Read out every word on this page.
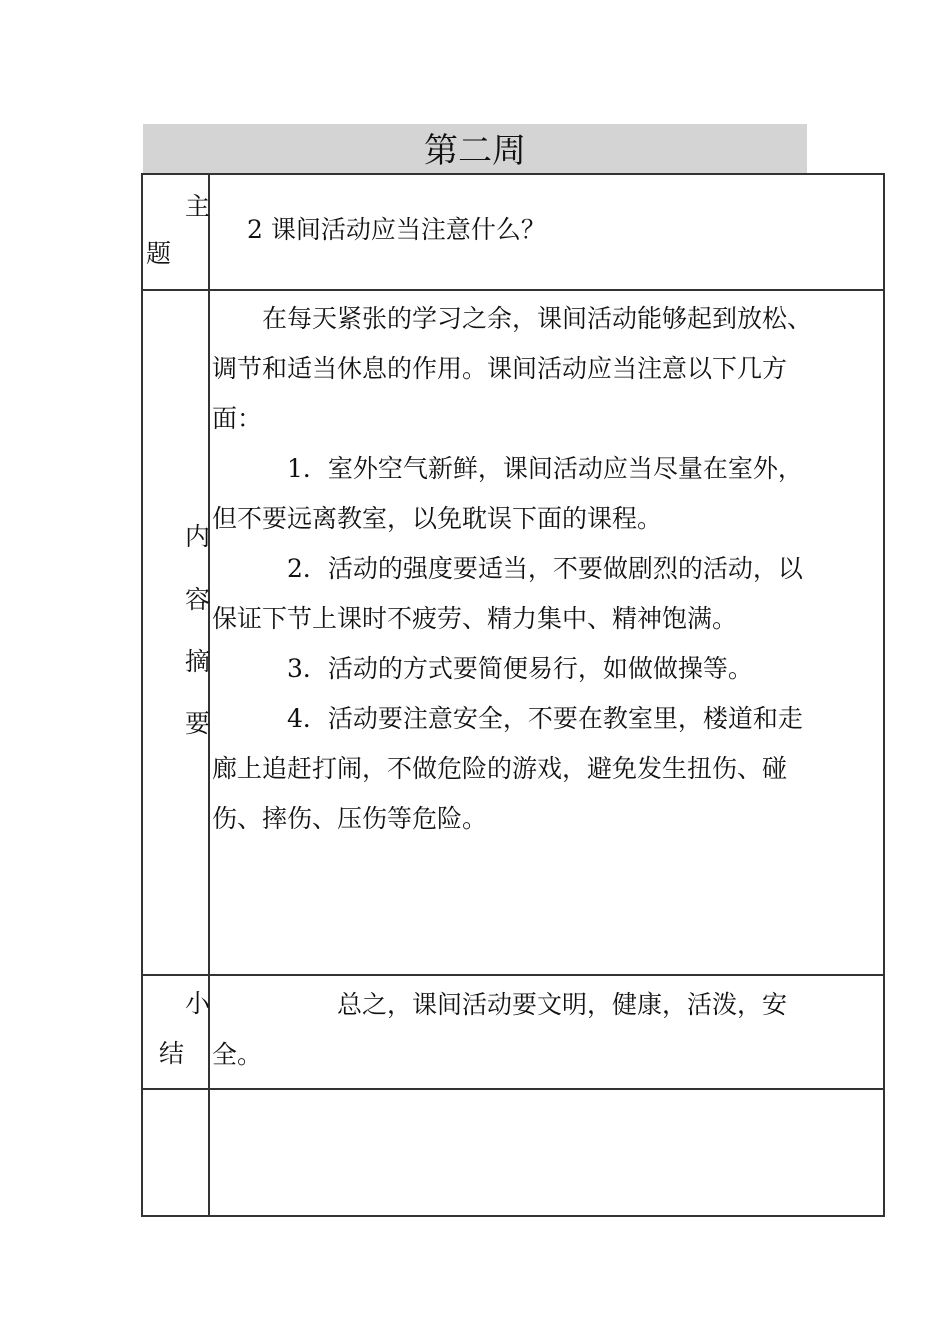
第二周
主
题
2 课间活动应当注意什么？
内
容
摘
要

　　在每天紧张的学习之余，课间活动能够起到放松、

调节和适当休息的作用。课间活动应当注意以下几方

面：

　　　1．室外空气新鲜，课间活动应当尽量在室外，

但不要远离教室，以免耽误下面的课程。

　　　2．活动的强度要适当，不要做剧烈的活动，以

保证下节上课时不疲劳、精力集中、精神饱满。

　　　3．活动的方式要简便易行，如做做操等。

　　　4．活动要注意安全，不要在教室里，楼道和走

廊上追赶打闹，不做危险的游戏，避免发生扭伤、碰

伤、摔伤、压伤等危险。

小
结

　　　　　总之，课间活动要文明，健康，活泼，安

全。
